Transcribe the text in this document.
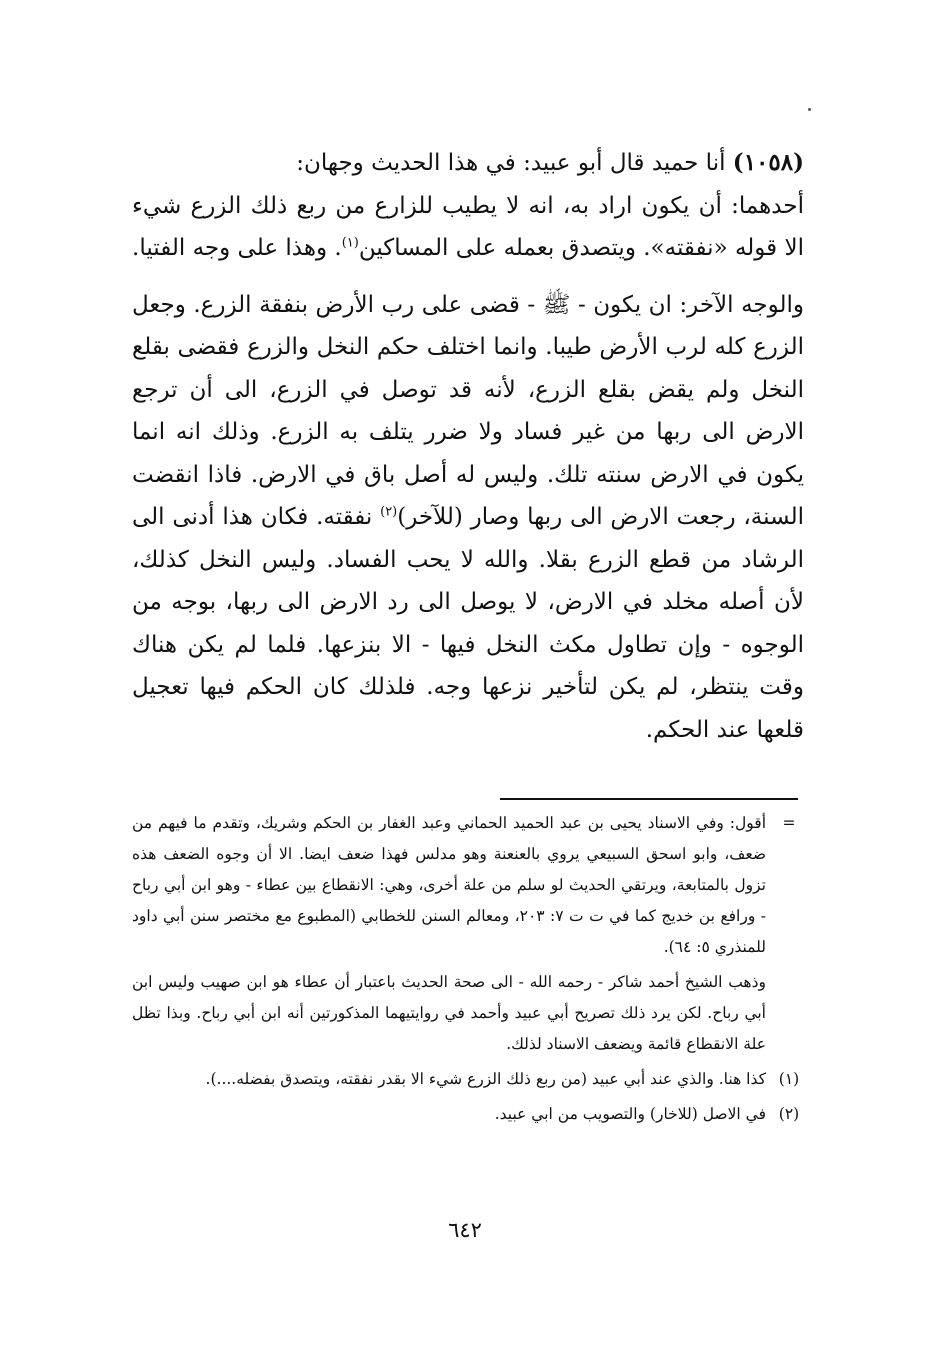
(١٠٥٨) أنا حميد قال أبو عبيد: في هذا الحديث وجهان:

أحدهما: أن يكون اراد به، انه لا يطيب للزارع من ربع ذلك الزرع شيء الا قوله «نفقته». ويتصدق بعمله على المساكين$^{(١)}$. وهذا على وجه الفتيا.

والوجه الآخر: ان يكون - ﷺ - قضى على رب الأرض بنفقة الزرع. وجعل الزرع كله لرب الأرض طيبا. وانما اختلف حكم النخل والزرع فقضى بقلع النخل ولم يقض بقلع الزرع، لأنه قد توصل في الزرع، الى أن ترجع الارض الى ربها من غير فساد ولا ضرر يتلف به الزرع. وذلك انه انما يكون في الارض سنته تلك. وليس له أصل باق في الارض. فاذا انقضت السنة، رجعت الارض الى ربها وصار (للآخر)$^{(٢)}$ نفقته. فكان هذا أدنى الى الرشاد من قطع الزرع بقلا. والله لا يحب الفساد. وليس النخل كذلك، لأن أصله مخلد في الارض، لا يوصل الى رد الارض الى ربها، بوجه من الوجوه - وإن تطاول مكث النخل فيها - الا بنزعها. فلما لم يكن هناك وقت ينتظر، لم يكن لتأخير نزعها وجه. فلذلك كان الحكم فيها تعجيل قلعها عند الحكم.

=

أقول: وفي الاسناد يحيى بن عبد الحميد الحماني وعبد الغفار بن الحكم وشريك، وتقدم ما فيهم من ضعف، وابو اسحق السبيعي يروي بالعنعنة وهو مدلس فهذا ضعف ايضا. الا أن وجوه الضعف هذه تزول بالمتابعة، ويرتقي الحديث لو سلم من علة أخرى، وهي: الانقطاع بين عطاء - وهو ابن أبي رباح - ورافع بن خديج كما في ت ت ٧: ٢٠٣، ومعالم السنن للخطابي (المطبوع مع مختصر سنن أبي داود للمنذري ٥: ٦٤).

وذهب الشيخ أحمد شاكر - رحمه الله - الى صحة الحديث باعتبار أن عطاء هو ابن صهيب وليس ابن أبي رباح. لكن يرد ذلك تصريح أبي عبيد وأحمد في روايتيهما المذكورتين أنه ابن أبي رباح. وبذا تظل علة الانقطاع قائمة ويضعف الاسناد لذلك.

(١)

كذا هنا. والذي عند أبي عبيد (من ربع ذلك الزرع شيء الا بقدر نفقته، ويتصدق بفضله....).

(٢)

في الاصل (للاخار) والتصويب من ابي عبيد.

٦٤٢
